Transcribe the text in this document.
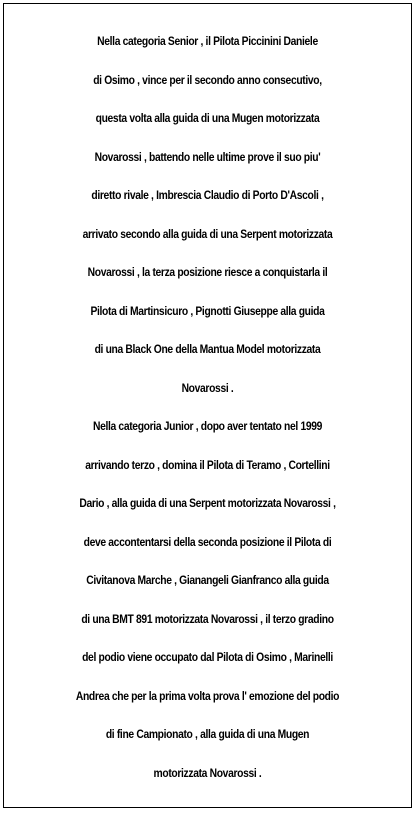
Nella categoria Senior , il Pilota Piccinini Daniele
di Osimo , vince per il secondo anno consecutivo,
questa volta alla guida di una Mugen motorizzata
Novarossi , battendo nelle ultime prove il suo piu'
diretto rivale , Imbrescia Claudio di Porto D'Ascoli ,
arrivato secondo alla guida di una Serpent motorizzata
Novarossi , la terza posizione riesce a conquistarla il
Pilota di Martinsicuro , Pignotti Giuseppe alla guida
di una Black One della Mantua Model motorizzata
Novarossi .
Nella categoria Junior , dopo aver tentato nel 1999
arrivando terzo , domina il Pilota di Teramo , Cortellini
Dario , alla guida di una Serpent motorizzata Novarossi ,
deve accontentarsi della seconda posizione il Pilota di
Civitanova Marche , Gianangeli Gianfranco alla guida
di una BMT 891 motorizzata Novarossi , il terzo gradino
del podio viene occupato dal Pilota di Osimo , Marinelli
Andrea che per la prima volta prova l' emozione del podio
di fine Campionato , alla guida di una Mugen
motorizzata Novarossi .
